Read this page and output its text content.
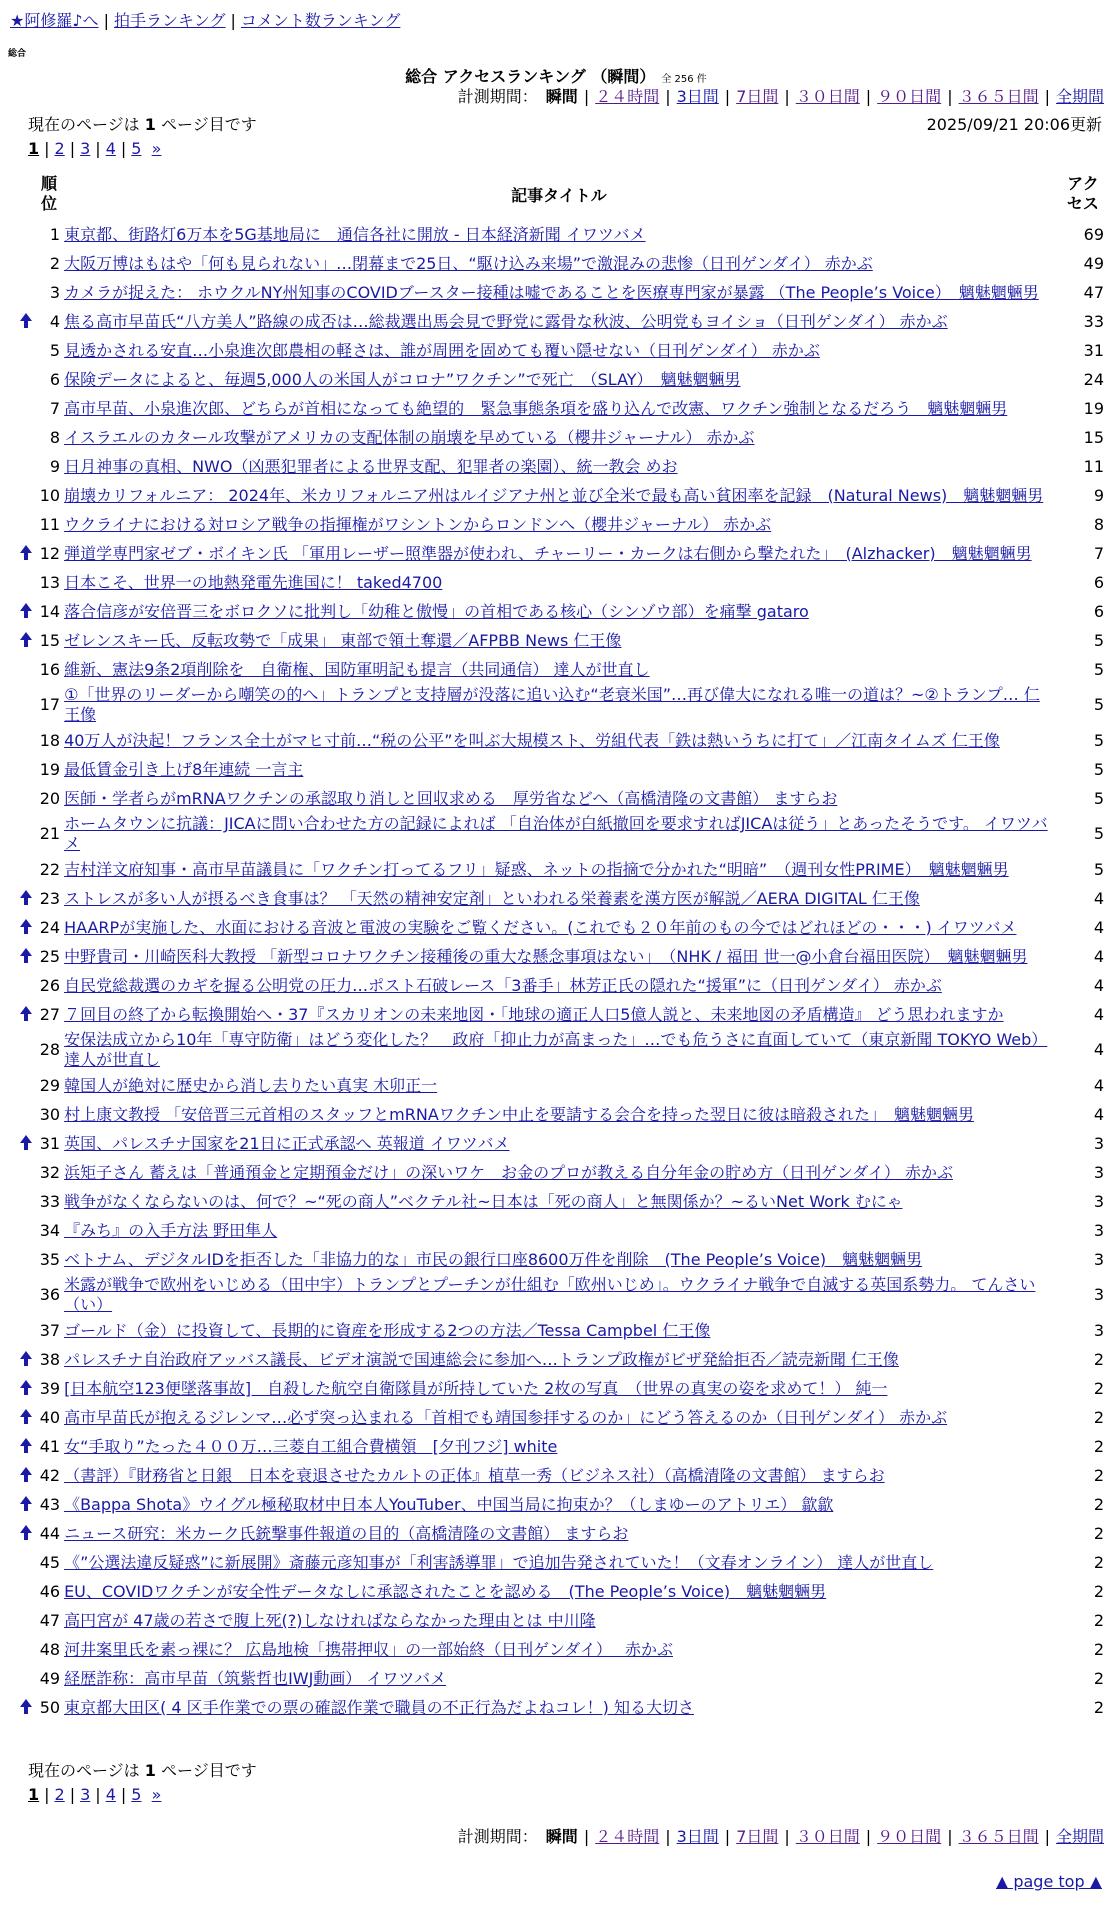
★阿修羅♪へ | 拍手ランキング | コメント数ランキング
総合
総合 アクセスランキング （瞬間） 全 256 件
計測期間： 瞬間 | ２４時間 | 3日間 | 7日間 | ３０日間 | ９０日間 | ３６５日間 | 全期間
現在のページは 1 ページ目です	2025/09/21 20:06更新
1 | 2 | 3 | 4 | 5 »
	順位	記事タイトル	アクセス
	1	東京都、街路灯6万本を5G基地局に　通信各社に開放 - 日本経済新聞 イワツバメ	69
	2	大阪万博はもはや「何も見られない」…閉幕まで25日、“駆け込み来場”で激混みの悲惨（日刊ゲンダイ） 赤かぶ	49
	3	カメラが捉えた： ホウクルNY州知事のCOVIDブースター接種は嘘であることを医療専門家が暴露 （The People’s Voice）　魑魅魍魎男	47
	4	焦る高市早苗氏“八方美人”路線の成否は…総裁選出馬会見で野党に露骨な秋波、公明党もヨイショ（日刊ゲンダイ） 赤かぶ	33
	5	見透かされる安直…小泉進次郎農相の軽さは、誰が周囲を固めても覆い隠せない（日刊ゲンダイ） 赤かぶ	31
	6	保険データによると、毎週5,000人の米国人がコロナ”ワクチン”で死亡　（SLAY）　魑魅魍魎男	24
	7	高市早苗、小泉進次郎、どちらが首相になっても絶望的　緊急事態条項を盛り込んで改憲、ワクチン強制となるだろう　魑魅魍魎男	19
	8	イスラエルのカタール攻撃がアメリカの支配体制の崩壊を早めている（櫻井ジャーナル） 赤かぶ	15
	9	日月神事の真相、NWO（凶悪犯罪者による世界支配、犯罪者の楽園）、統一教会 めお	11
	10	崩壊カリフォルニア： 2024年、米カリフォルニア州はルイジアナ州と並び全米で最も高い貧困率を記録　(Natural News)　魑魅魍魎男	9
	11	ウクライナにおける対ロシア戦争の指揮権がワシントンからロンドンへ（櫻井ジャーナル） 赤かぶ	8
	12	弾道学専門家ゼブ・ボイキン氏 「軍用レーザー照準器が使われ、チャーリー・カークは右側から撃たれた」　(Alzhacker)　魑魅魍魎男	7
	13	日本こそ、世界一の地熱発電先進国に！ taked4700	6
	14	落合信彦が安倍晋三をボロクソに批判し「幼稚と傲慢」の首相である核心（シンゾウ部）を痛撃 gataro	6
	15	ゼレンスキー氏、反転攻勢で「成果」 東部で領土奪還／AFPBB News 仁王像	5
	16	維新、憲法9条2項削除を　自衛権、国防軍明記も提言（共同通信） 達人が世直し	5
	17	①「世界のリーダーから嘲笑の的へ」トランプと支持層が没落に追い込む“老衰米国”…再び偉大になれる唯一の道は？~②トランプ… 仁王像	5
	18	40万人が決起！フランス全土がマヒ寸前…“税の公平”を叫ぶ大規模スト、労組代表「鉄は熱いうちに打て」／江南タイムズ 仁王像	5
	19	最低賃金引き上げ8年連続 一言主	5
	20	医師・学者らがmRNAワクチンの承認取り消しと回収求める　厚労省などへ（高橋清隆の文書館） ますらお	5
	21	ホームタウンに抗議：JICAに問い合わせた方の記録によれば 「自治体が白紙撤回を要求すればJICAは従う」とあったそうです。 イワツバメ	5
	22	吉村洋文府知事・高市早苗議員に「ワクチン打ってるフリ」疑惑、ネットの指摘で分かれた“明暗”　（週刊女性PRIME）　魑魅魍魎男	5
	23	ストレスが多い人が摂るべき食事は？ 「天然の精神安定剤」といわれる栄養素を漢方医が解説／AERA DIGITAL 仁王像	4
	24	HAARPが実施した、水面における音波と電波の実験をご覧ください。(これでも２０年前のもの今ではどれほどの・・・) イワツバメ	4
	25	中野貴司・川崎医科大教授 「新型コロナワクチン接種後の重大な懸念事項はない」　（NHK / 福田 世一@小倉台福田医院）　魑魅魍魎男	4
	26	自民党総裁選のカギを握る公明党の圧力…ポスト石破レース「3番手」林芳正氏の隠れた“援軍”に（日刊ゲンダイ） 赤かぶ	4
	27	７回目の終了から転換開始へ・37『スカリオンの未来地図・「地球の適正人口5億人説と、未来地図の矛盾構造』 どう思われますか	4
	28	安保法成立から10年「専守防衛」はどう変化した？　政府「抑止力が高まった」…でも危うさに直面していて（東京新聞 TOKYO Web） 達人が世直し	4
	29	韓国人が絶対に歴史から消し去りたい真実 木卯正一	4
	30	村上康文教授 「安倍晋三元首相のスタッフとmRNAワクチン中止を要請する会合を持った翌日に彼は暗殺された」　魑魅魍魎男	4
	31	英国、パレスチナ国家を21日に正式承認へ 英報道 イワツバメ	3
	32	浜矩子さん 蓄えは「普通預金と定期預金だけ」の深いワケ　お金のプロが教える自分年金の貯め方（日刊ゲンダイ） 赤かぶ	3
	33	戦争がなくならないのは、何で？~“死の商人”ベクテル社~日本は「死の商人」と無関係か？~るいNet Work むにゃ	3
	34	『みち』の入手方法 野田隼人	3
	35	ベトナム、デジタルIDを拒否した「非協力的な」市民の銀行口座8600万件を削除　(The People’s Voice)　魑魅魍魎男	3
	36	米露が戦争で欧州をいじめる（田中宇）トランプとプーチンが仕組む「欧州いじめ」。ウクライナ戦争で自滅する英国系勢力。 てんさい（い）	3
	37	ゴールド（金）に投資して、長期的に資産を形成する2つの方法／Tessa Campbel 仁王像	3
	38	パレスチナ自治政府アッバス議長、ビデオ演説で国連総会に参加へ…トランプ政権がビザ発給拒否／読売新聞 仁王像	2
	39	[日本航空123便墜落事故]　自殺した航空自衛隊員が所持していた 2枚の写真　（世界の真実の姿を求めて！） 純一	2
	40	高市早苗氏が抱えるジレンマ…必ず突っ込まれる「首相でも靖国参拝するのか」にどう答えるのか（日刊ゲンダイ） 赤かぶ	2
	41	女“手取り”たった４００万…三菱自工組合費横領　[夕刊フジ] white	2
	42	（書評）『財務省と日銀　日本を衰退させたカルトの正体』植草一秀（ビジネス社）（高橋清隆の文書館） ますらお	2
	43	《Bappa Shota》ウイグル極秘取材中日本人YouTuber、中国当局に拘束か？（しまゆーのアトリエ） 歙歙	2
	44	ニュース研究：米カーク氏銃撃事件報道の目的（高橋清隆の文書館） ますらお	2
	45	《”公選法違反疑惑”に新展開》斎藤元彦知事が「利害誘導罪」で追加告発されていた！（文春オンライン） 達人が世直し	2
	46	EU、COVIDワクチンが安全性データなしに承認されたことを認める　(The People’s Voice)　魑魅魍魎男	2
	47	高円宮が 47歳の若さで腹上死(?)しなければならなかった理由とは 中川隆	2
	48	河井案里氏を素っ裸に？ 広島地検「携帯押収」の一部始終（日刊ゲンダイ）　 赤かぶ	2
	49	経歴詐称：高市早苗（筑紫哲也IWJ動画） イワツバメ	2
	50	東京都大田区( 4 区手作業での票の確認作業で職員の不正行為だよねコレ！) 知る大切さ	2
現在のページは 1 ページ目です
1 | 2 | 3 | 4 | 5 »
計測期間： 瞬間 | ２４時間 | 3日間 | 7日間 | ３０日間 | ９０日間 | ３６５日間 | 全期間
▲ page top ▲
